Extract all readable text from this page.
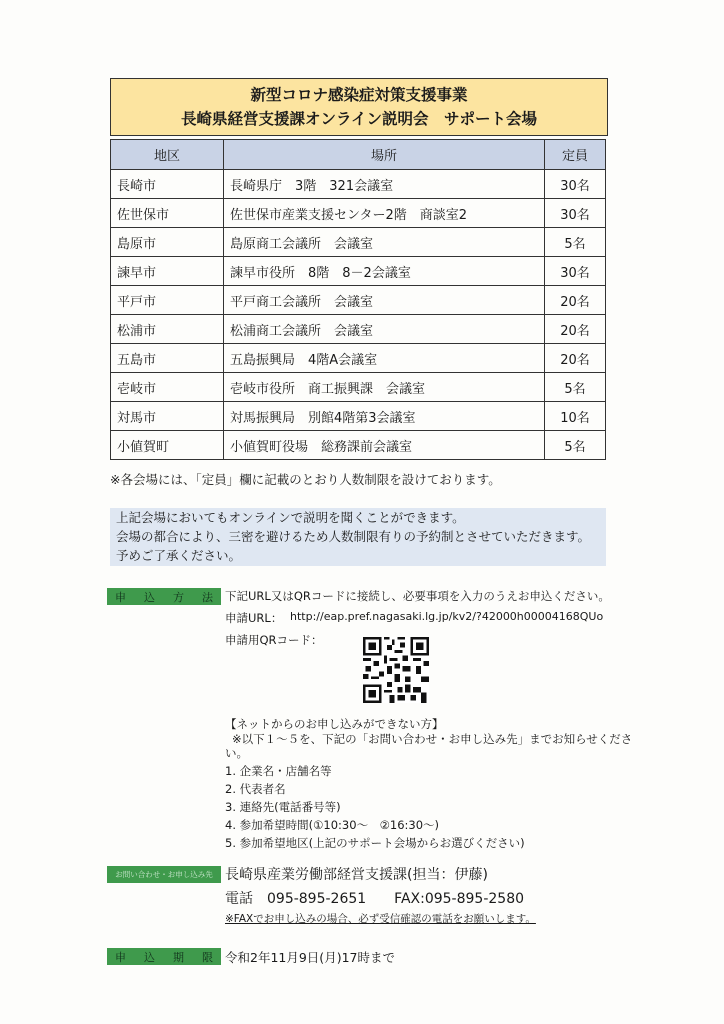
新型コロナ感染症対策支援事業
長崎県経営支援課オンライン説明会　サポート会場
地区	場所	定員
長崎市	長崎県庁　3階　321会議室	30名
佐世保市	佐世保市産業支援センター2階　商談室2	30名
島原市	島原商工会議所　会議室	5名
諫早市	諫早市役所　8階　8－2会議室	30名
平戸市	平戸商工会議所　会議室	20名
松浦市	松浦商工会議所　会議室	20名
五島市	五島振興局　4階A会議室	20名
壱岐市	壱岐市役所　商工振興課　会議室	5名
対馬市	対馬振興局　別館4階第3会議室	10名
小値賀町	小値賀町役場　総務課前会議室	5名
※各会場には、「定員」欄に記載のとおり人数制限を設けております。
上記会場においてもオンラインで説明を聞くことができます。
会場の都合により、三密を避けるため人数制限有りの予約制とさせていただきます。
予めご了承ください。
申 込 方 法 下記URL又はQRコードに接続し、必要事項を入力のうえお申込ください。
申請URL： http://eap.pref.nagasaki.lg.jp/kv2/?42000h00004168QUo
申請用QRコード：
【ネットからのお申し込みができない方】
※以下１～５を、下記の「お問い合わせ・お申し込み先」までお知らせくださ
い。
1. 企業名・店舗名等
2. 代表者名
3. 連絡先(電話番号等)
4. 参加希望時間(①10:30～　②16:30～)
5. 参加希望地区(上記のサポート会場からお選びください)
お問い合わせ・お申し込み先 長崎県産業労働部経営支援課(担当：伊藤)
電話　095-895-2651　　FAX:095-895-2580
※FAXでお申し込みの場合、必ず受信確認の電話をお願いします。
申 込 期 限 令和2年11月9日(月)17時まで
